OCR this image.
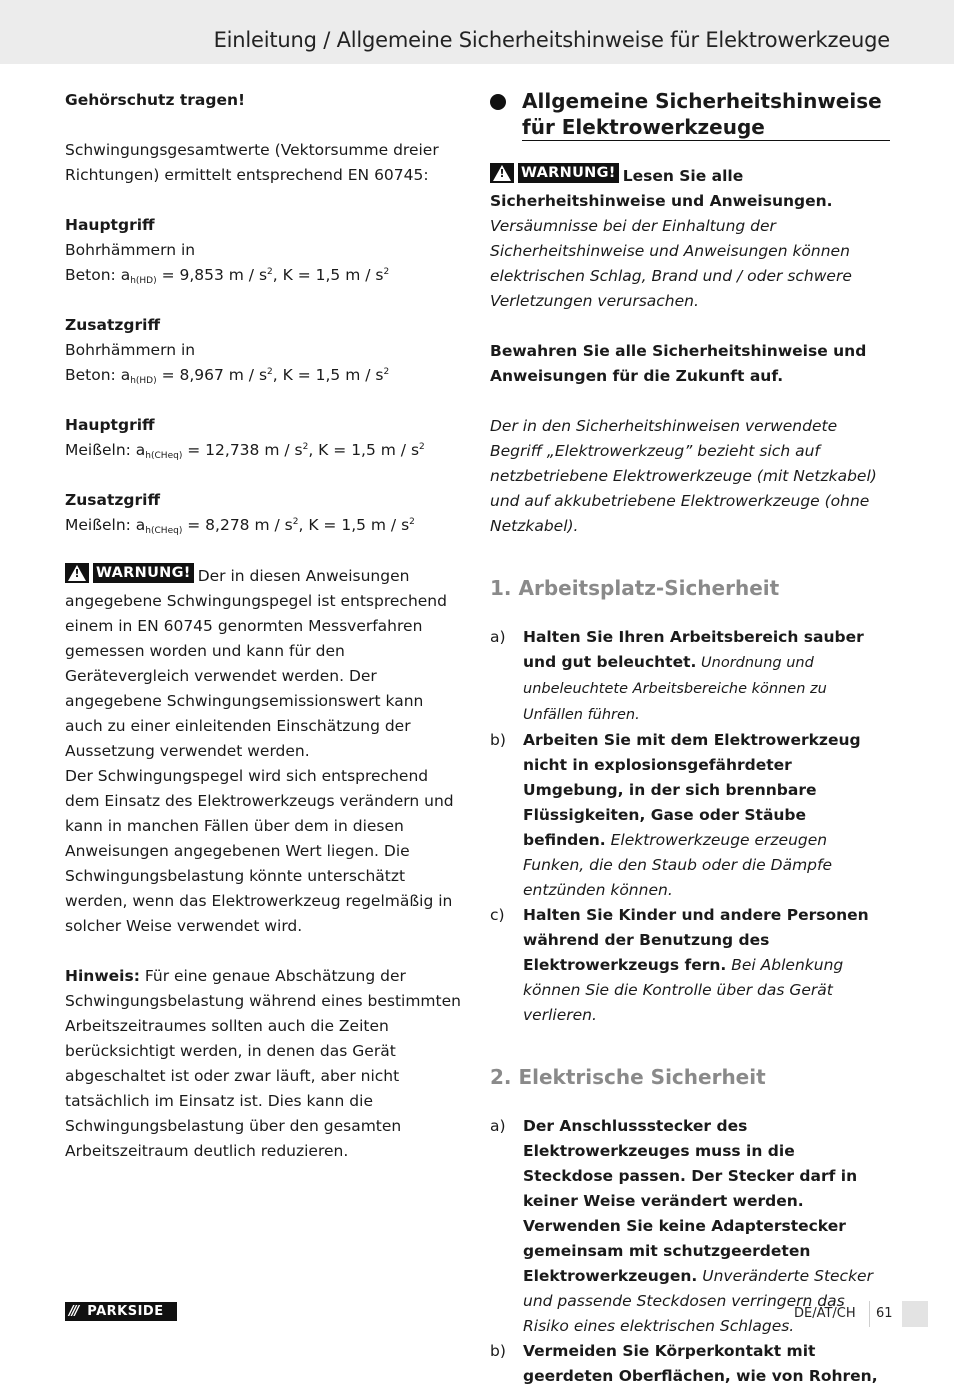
Einleitung / Allgemeine Sicherheitshinweise für Elektrowerkzeuge
Gehörschutz tragen!
Schwingungsgesamtwerte (Vektorsumme dreier Richtungen) ermittelt entsprechend EN 60745:
Hauptgriff
Bohrhämmern in
Beton: $a_{h(HD)} = 9,853$ m / $s^2$, K = 1,5 m / $s^2$
Zusatzgriff
Bohrhämmern in
Beton: $a_{h(HD)} = 8,967$ m / $s^2$, K = 1,5 m / $s^2$
Hauptgriff
Meißeln: $a_{h(CHeq)} = 12,738$ m / $s^2$, K = 1,5 m / $s^2$
Zusatzgriff
Meißeln: $a_{h(CHeq)} = 8,278$ m / $s^2$, K = 1,5 m / $s^2$
!	WARNUNG! Der in diesen Anweisungen angegebene Schwingungspegel ist entsprechend einem in EN 60745 genormten Messverfahren gemessen worden und kann für den Gerätevergleich verwendet werden. Der angegebene Schwingungsemissionswert kann auch zu einer einleitenden Einschätzung der Aussetzung verwendet werden.
Der Schwingungspegel wird sich entsprechend dem Einsatz des Elektrowerkzeugs verändern und kann in manchen Fällen über dem in diesen Anweisungen angegebenen Wert liegen. Die Schwingungsbelastung könnte unterschätzt werden, wenn das Elektrowerkzeug regelmäßig in solcher Weise verwendet wird.
Hinweis: Für eine genaue Abschätzung der Schwingungsbelastung während eines bestimmten Arbeitszeitraumes sollten auch die Zeiten berücksichtigt werden, in denen das Gerät abgeschaltet ist oder zwar läuft, aber nicht tatsächlich im Einsatz ist. Dies kann die Schwingungsbelastung über den gesamten Arbeitszeitraum deutlich reduzieren.
Allgemeine Sicherheitshinweise für Elektrowerkzeuge
!	WARNUNG! Lesen Sie alle Sicherheitshinweise und Anweisungen. Versäumnisse bei der Einhaltung der Sicherheitshinweise und Anweisungen können elektrischen Schlag, Brand und / oder schwere Verletzungen verursachen.
Bewahren Sie alle Sicherheitshinweise und Anweisungen für die Zukunft auf.
Der in den Sicherheitshinweisen verwendete Begriff „Elektrowerkzeug” bezieht sich auf netzbetriebene Elektrowerkzeuge (mit Netzkabel) und auf akkubetriebene Elektrowerkzeuge (ohne Netzkabel).
1. Arbeitsplatz-Sicherheit
a)	Halten Sie Ihren Arbeitsbereich sauber und gut beleuchtet. Unordnung und unbeleuchtete Arbeitsbereiche können zu Unfällen führen.
b)	Arbeiten Sie mit dem Elektrowerkzeug nicht in explosionsgefährdeter Umgebung, in der sich brennbare Flüssigkeiten, Gase oder Stäube befinden. Elektrowerkzeuge erzeugen Funken, die den Staub oder die Dämpfe entzünden können.
c)	Halten Sie Kinder und andere Personen während der Benutzung des Elektrowerkzeugs fern. Bei Ablenkung können Sie die Kontrolle über das Gerät verlieren.
2. Elektrische Sicherheit
a)	Der Anschlussstecker des Elektrowerkzeuges muss in die Steckdose passen. Der Stecker darf in keiner Weise verändert werden. Verwenden Sie keine Adapterstecker gemeinsam mit schutzgeerdeten Elektrowerkzeugen. Unveränderte Stecker und passende Steckdosen verringern das Risiko eines elektrischen Schlages.
b)	Vermeiden Sie Körperkontakt mit geerdeten Oberflächen, wie von Rohren,
/// PARKSIDE	DE/AT/CH 61
